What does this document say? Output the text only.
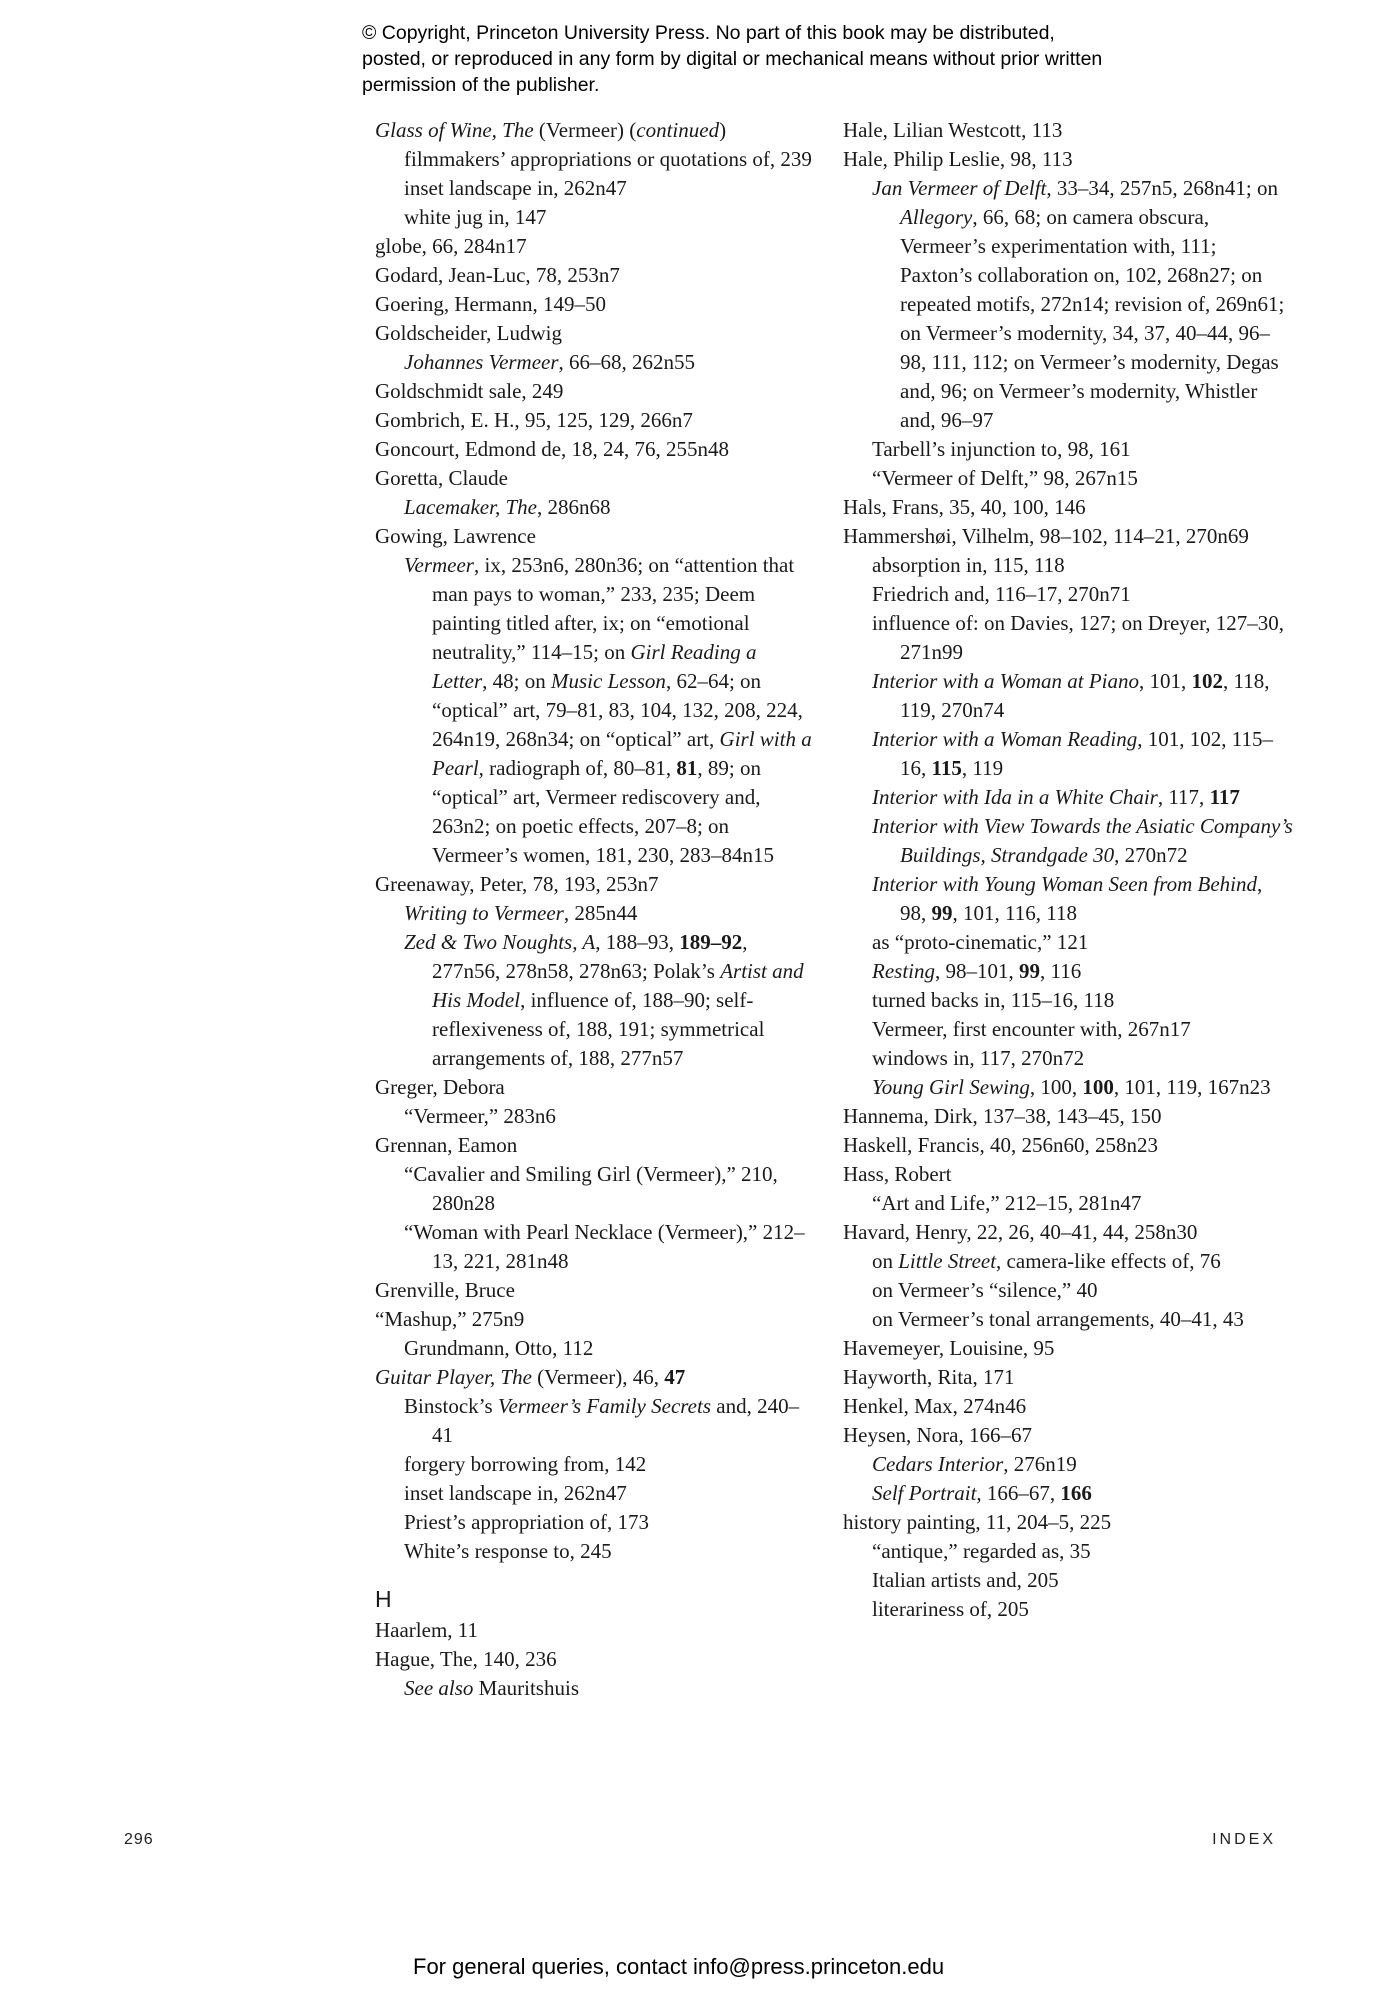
© Copyright, Princeton University Press. No part of this book may be distributed, posted, or reproduced in any form by digital or mechanical means without prior written permission of the publisher.
Glass of Wine, The (Vermeer) (continued)
filmmakers’ appropriations or quotations of, 239
inset landscape in, 262n47
white jug in, 147
globe, 66, 284n17
Godard, Jean-Luc, 78, 253n7
Goering, Hermann, 149–50
Goldscheider, Ludwig
Johannes Vermeer, 66–68, 262n55
Goldschmidt sale, 249
Gombrich, E. H., 95, 125, 129, 266n7
Goncourt, Edmond de, 18, 24, 76, 255n48
Goretta, Claude
Lacemaker, The, 286n68
Gowing, Lawrence
Vermeer, ix, 253n6, 280n36; on “attention that man pays to woman,” 233, 235; Deem painting titled after, ix; on “emotional neutrality,” 114–15; on Girl Reading a Letter, 48; on Music Lesson, 62–64; on “optical” art, 79–81, 83, 104, 132, 208, 224, 264n19, 268n34; on “optical” art, Girl with a Pearl, radiograph of, 80–81, 81, 89; on “optical” art, Vermeer rediscovery and, 263n2; on poetic effects, 207–8; on Vermeer’s women, 181, 230, 283–84n15
Greenaway, Peter, 78, 193, 253n7
Writing to Vermeer, 285n44
Zed & Two Noughts, A, 188–93, 189–92, 277n56, 278n58, 278n63; Polak’s Artist and His Model, influence of, 188–90; self-reflexiveness of, 188, 191; symmetrical arrangements of, 188, 277n57
Greger, Debora
“Vermeer,” 283n6
Grennan, Eamon
“Cavalier and Smiling Girl (Vermeer),” 210, 280n28
“Woman with Pearl Necklace (Vermeer),” 212–13, 221, 281n48
Grenville, Bruce
“Mashup,” 275n9
Grundmann, Otto, 112
Guitar Player, The (Vermeer), 46, 47
Binstock’s Vermeer’s Family Secrets and, 240–41
forgery borrowing from, 142
inset landscape in, 262n47
Priest’s appropriation of, 173
White’s response to, 245
H
Haarlem, 11
Hague, The, 140, 236
See also Mauritshuis
Hale, Lilian Westcott, 113
Hale, Philip Leslie, 98, 113
Jan Vermeer of Delft, 33–34, 257n5, 268n41; on Allegory, 66, 68; on camera obscura, Vermeer’s experimentation with, 111; Paxton’s collaboration on, 102, 268n27; on repeated motifs, 272n14; revision of, 269n61; on Vermeer’s modernity, 34, 37, 40–44, 96–98, 111, 112; on Vermeer’s modernity, Degas and, 96; on Vermeer’s modernity, Whistler and, 96–97
Tarbell’s injunction to, 98, 161
“Vermeer of Delft,” 98, 267n15
Hals, Frans, 35, 40, 100, 146
Hammershøi, Vilhelm, 98–102, 114–21, 270n69
absorption in, 115, 118
Friedrich and, 116–17, 270n71
influence of: on Davies, 127; on Dreyer, 127–30, 271n99
Interior with a Woman at Piano, 101, 102, 118, 119, 270n74
Interior with a Woman Reading, 101, 102, 115–16, 115, 119
Interior with Ida in a White Chair, 117, 117
Interior with View Towards the Asiatic Company’s Buildings, Strandgade 30, 270n72
Interior with Young Woman Seen from Behind, 98, 99, 101, 116, 118
as “proto-cinematic,” 121
Resting, 98–101, 99, 116
turned backs in, 115–16, 118
Vermeer, first encounter with, 267n17
windows in, 117, 270n72
Young Girl Sewing, 100, 100, 101, 119, 167n23
Hannema, Dirk, 137–38, 143–45, 150
Haskell, Francis, 40, 256n60, 258n23
Hass, Robert
“Art and Life,” 212–15, 281n47
Havard, Henry, 22, 26, 40–41, 44, 258n30
on Little Street, camera-like effects of, 76
on Vermeer’s “silence,” 40
on Vermeer’s tonal arrangements, 40–41, 43
Havemeyer, Louisine, 95
Hayworth, Rita, 171
Henkel, Max, 274n46
Heysen, Nora, 166–67
Cedars Interior, 276n19
Self Portrait, 166–67, 166
history painting, 11, 204–5, 225
“antique,” regarded as, 35
Italian artists and, 205
literariness of, 205
296	INDEX
For general queries, contact info@press.princeton.edu
